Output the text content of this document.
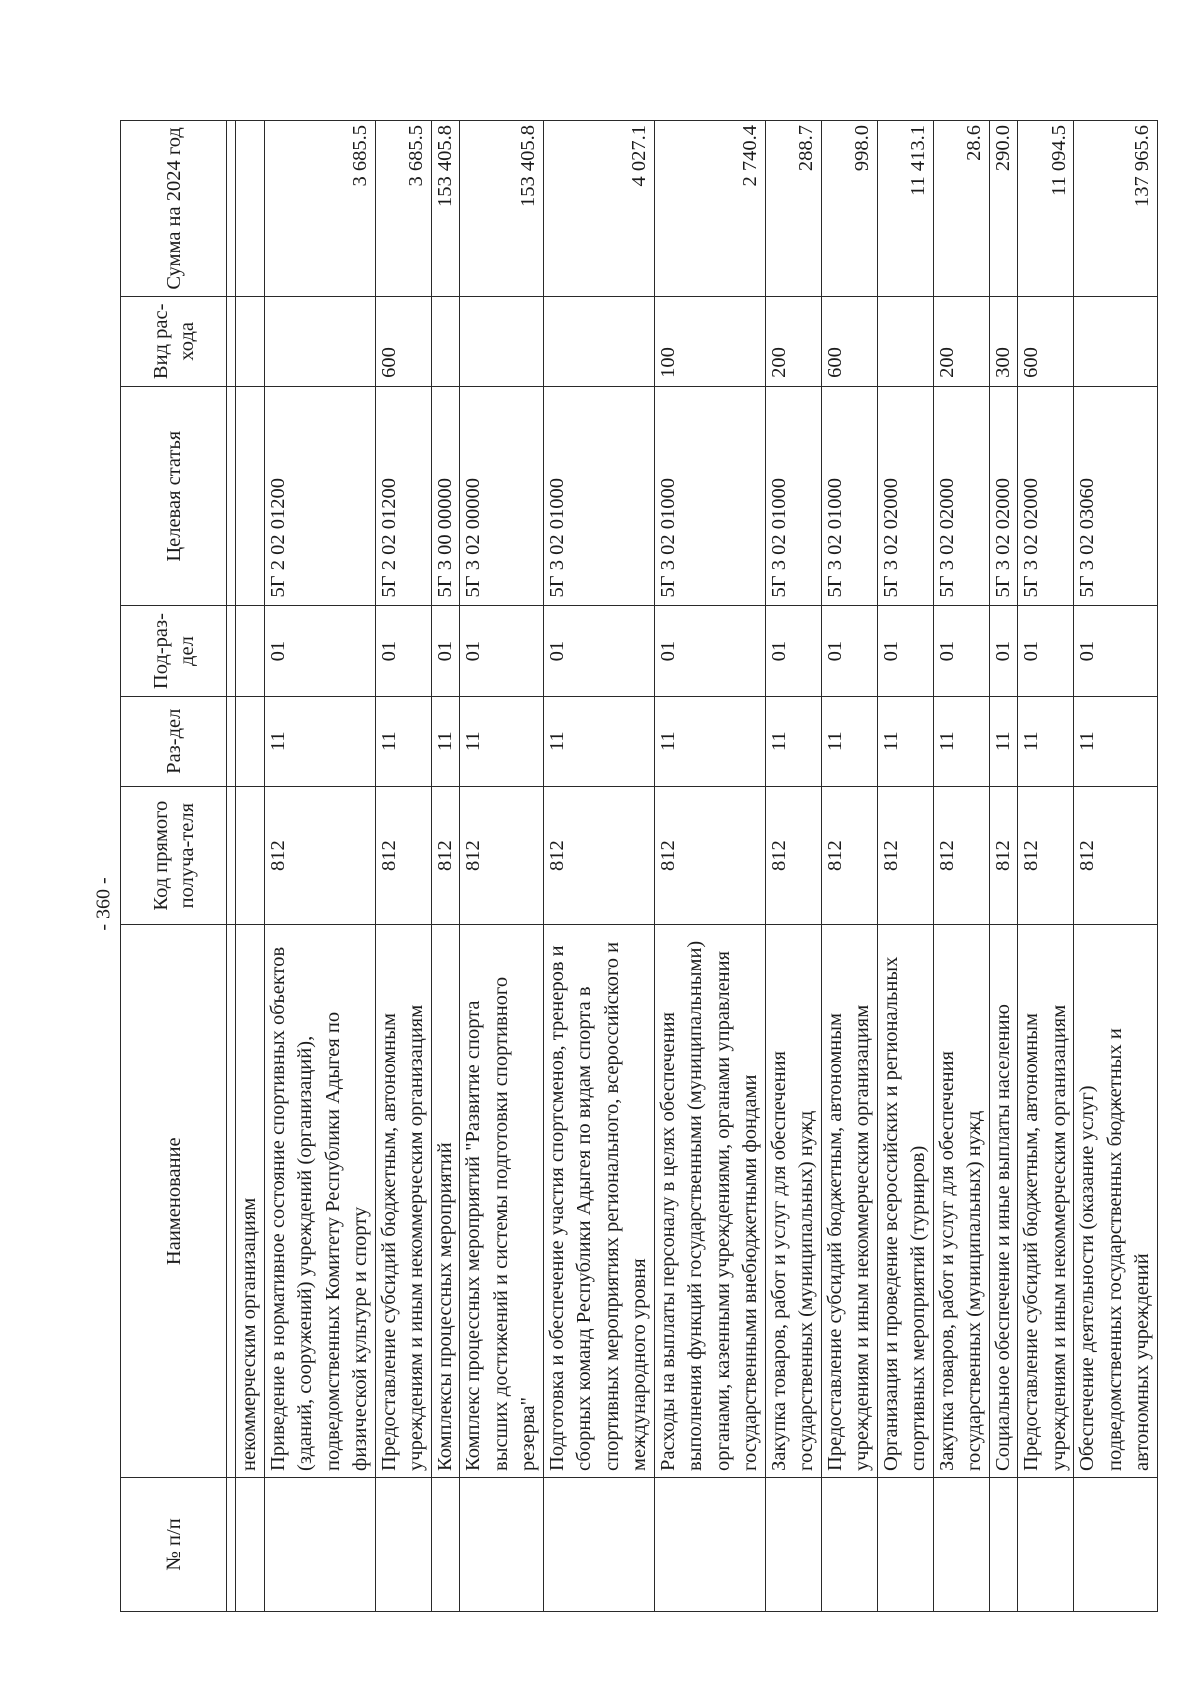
- 360 -
№ п/п	Наименование	Код прямого получа-теля	Раз-дел	Под-раз-дел	Целевая статья	Вид рас-хода	Сумма на 2024 год

	некоммерческим организациям						
	Приведение в нормативное состояние спортивных объектов (зданий, сооружений) учреждений (организаций), подведомственных Комитету Республики Адыгея по физической культуре и спорту	812	11	01	5Г 2 02 01200		3 685.5
	Предоставление субсидий бюджетным, автономным учреждениям и иным некоммерческим организациям	812	11	01	5Г 2 02 01200	600	3 685.5
	Комплексы процессных мероприятий	812	11	01	5Г 3 00 00000		153 405.8
	Комплекс процессных мероприятий "Развитие спорта высших достижений и системы подготовки спортивного резерва"	812	11	01	5Г 3 02 00000		153 405.8
	Подготовка и обеспечение участия спортсменов, тренеров и сборных команд Республики Адыгея по видам спорта в спортивных мероприятиях регионального, всероссийского и международного уровня	812	11	01	5Г 3 02 01000		4 027.1
	Расходы на выплаты персоналу в целях обеспечения выполнения функций государственными (муниципальными) органами, казенными учреждениями, органами управления государственными внебюджетными фондами	812	11	01	5Г 3 02 01000	100	2 740.4
	Закупка товаров, работ и услуг для обеспечения государственных (муниципальных) нужд	812	11	01	5Г 3 02 01000	200	288.7
	Предоставление субсидий бюджетным, автономным учреждениям и иным некоммерческим организациям	812	11	01	5Г 3 02 01000	600	998.0
	Организация и проведение всероссийских и региональных спортивных мероприятий (турниров)	812	11	01	5Г 3 02 02000		11 413.1
	Закупка товаров, работ и услуг для обеспечения государственных (муниципальных) нужд	812	11	01	5Г 3 02 02000	200	28.6
	Социальное обеспечение и иные выплаты населению	812	11	01	5Г 3 02 02000	300	290.0
	Предоставление субсидий бюджетным, автономным учреждениям и иным некоммерческим организациям	812	11	01	5Г 3 02 02000	600	11 094.5
	Обеспечение деятельности (оказание услуг) подведомственных государственных бюджетных и автономных учреждений	812	11	01	5Г 3 02 03060		137 965.6
